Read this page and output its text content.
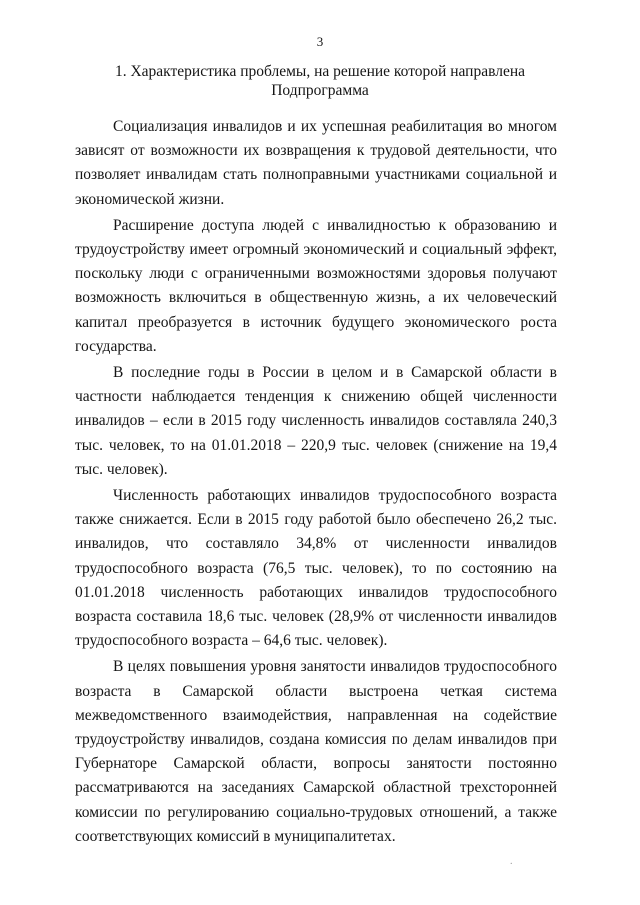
3
1. Характеристика проблемы, на решение которой направлена
Подпрограмма

Социализация инвалидов и их успешная реабилитация во многом зависят от возможности их возвращения к трудовой деятельности, что позволяет инвалидам стать полноправными участниками социальной и экономической жизни.

Расширение доступа людей с инвалидностью к образованию и трудоустройству имеет огромный экономический и социальный эффект, поскольку люди с ограниченными возможностями здоровья получают возможность включиться в общественную жизнь, а их человеческий капитал преобразуется в источник будущего экономического роста государства.

В последние годы в России в целом и в Самарской области в частности наблюдается тенденция к снижению общей численности инвалидов – если в 2015 году численность инвалидов составляла 240,3 тыс. человек, то на 01.01.2018 – 220,9 тыс. человек (снижение на 19,4 тыс. человек).

Численность работающих инвалидов трудоспособного возраста также снижается. Если в 2015 году работой было обеспечено 26,2 тыс. инвалидов, что составляло 34,8% от численности инвалидов трудоспособного возраста (76,5 тыс. человек), то по состоянию на 01.01.2018 численность работающих инвалидов трудоспособного возраста составила 18,6 тыс. человек (28,9% от численности инвалидов трудоспособного возраста – 64,6 тыс. человек).

В целях повышения уровня занятости инвалидов трудоспособного возраста в Самарской области выстроена четкая система межведомственного взаимодействия, направленная на содействие трудоустройству инвалидов, создана комиссия по делам инвалидов при Губернаторе Самарской области, вопросы занятости постоянно рассматриваются на заседаниях Самарской областной трехсторонней комиссии по регулированию социально-трудовых отношений, а также соответствующих комиссий в муниципалитетах.

.
